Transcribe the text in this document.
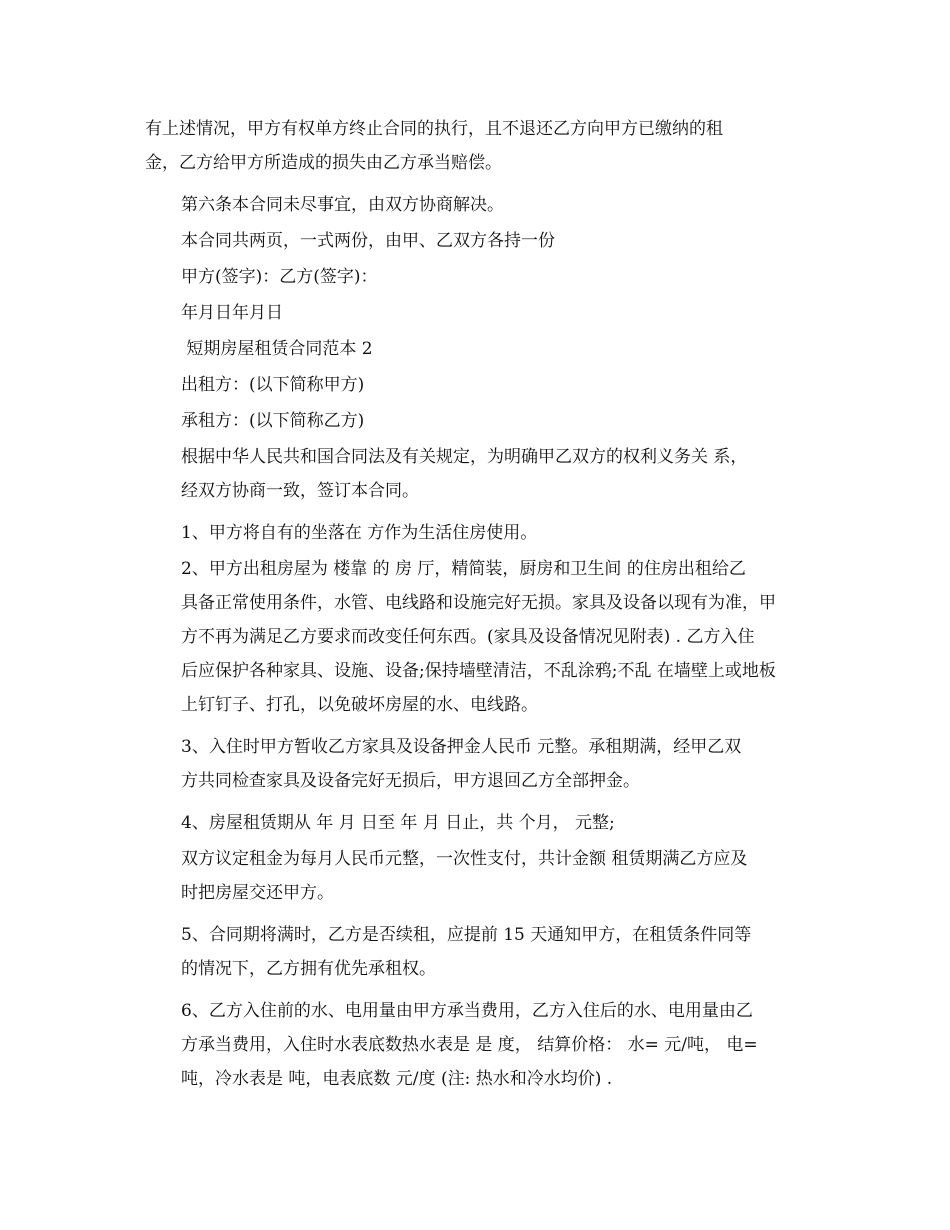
有上述情况，甲方有权单方终止合同的执行，且不退还乙方向甲方已缴纳的租
金，乙方给甲方所造成的损失由乙方承当赔偿。

第六条本合同未尽事宜，由双方协商解决。

本合同共两页，一式两份，由甲、乙双方各持一份

甲方(签字)：乙方(签字)：

年月日年月日

短期房屋租赁合同范本 2

出租方：(以下简称甲方)

承租方：(以下简称乙方)

根据中华人民共和国合同法及有关规定，为明确甲乙双方的权利义务关 系，
经双方协商一致，签订本合同。

1、甲方将自有的坐落在 方作为生活住房使用。

2、甲方出租房屋为 楼靠 的 房 厅，精简装，厨房和卫生间 的住房出租给乙
具备正常使用条件，水管、电线路和设施完好无损。家具及设备以现有为准，甲
方不再为满足乙方要求而改变任何东西。(家具及设备情况见附表) . 乙方入住
后应保护各种家具、设施、设备;保持墙壁清洁，不乱涂鸦;不乱 在墙壁上或地板
上钉钉子、打孔，以免破坏房屋的水、电线路。

3、入住时甲方暂收乙方家具及设备押金人民币 元整。承租期满，经甲乙双
方共同检查家具及设备完好无损后，甲方退回乙方全部押金。

4、房屋租赁期从 年 月 日至 年 月 日止，共 个月， 元整;

双方议定租金为每月人民币元整，一次性支付，共计金额 租赁期满乙方应及
时把房屋交还甲方。

5、合同期将满时，乙方是否续租，应提前 15 天通知甲方，在租赁条件同等
的情况下，乙方拥有优先承租权。

6、乙方入住前的水、电用量由甲方承当费用，乙方入住后的水、电用量由乙
方承当费用，入住时水表底数热水表是 是 度， 结算价格： 水= 元/吨， 电=
吨，冷水表是 吨，电表底数 元/度 (注: 热水和冷水均价) .
